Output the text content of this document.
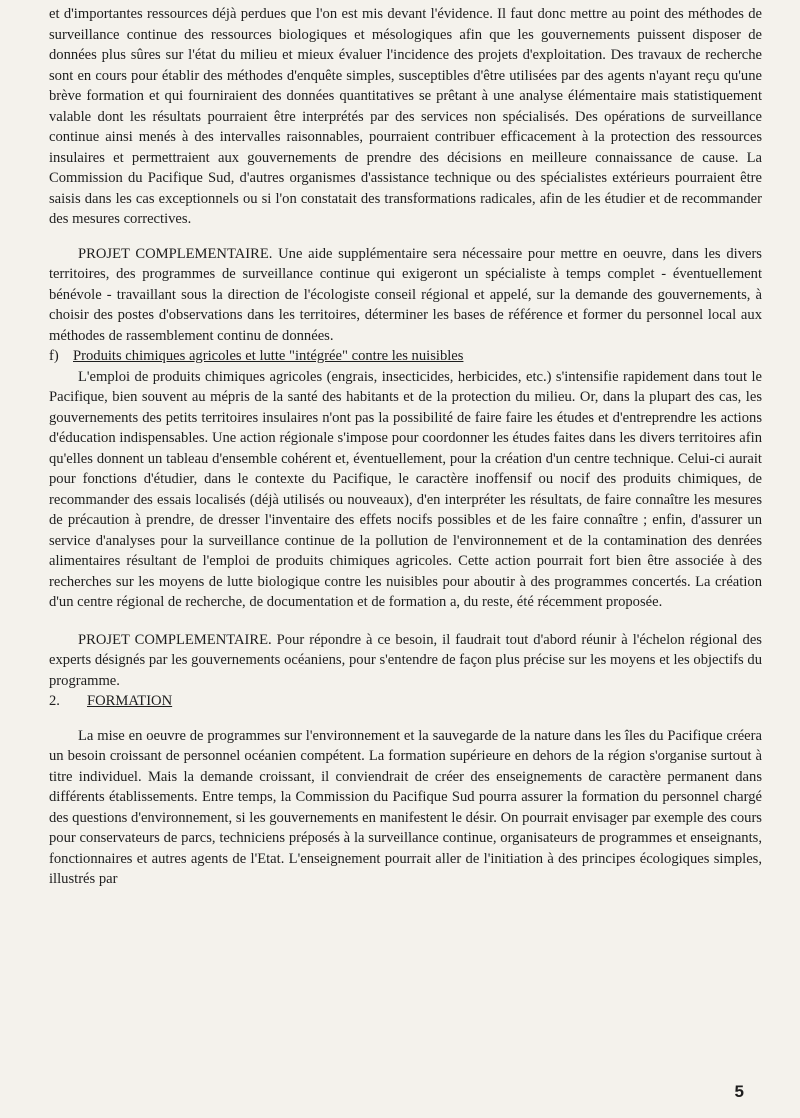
et d'importantes ressources déjà perdues que l'on est mis devant l'évidence. Il faut donc mettre au point des méthodes de surveillance continue des ressources biologiques et mésologiques afin que les gouvernements puissent disposer de données plus sûres sur l'état du milieu et mieux évaluer l'incidence des projets d'exploitation. Des travaux de recherche sont en cours pour établir des méthodes d'enquête simples, susceptibles d'être utilisées par des agents n'ayant reçu qu'une brève formation et qui fourniraient des données quantitatives se prêtant à une analyse élémentaire mais statistiquement valable dont les résultats pourraient être interprétés par des services non spécialisés. Des opérations de surveillance continue ainsi menés à des intervalles raisonnables, pourraient contribuer efficacement à la protection des ressources insulaires et permettraient aux gouvernements de prendre des décisions en meilleure connaissance de cause. La Commission du Pacifique Sud, d'autres organismes d'assistance technique ou des spécialistes extérieurs pourraient être saisis dans les cas exceptionnels ou si l'on constatait des transformations radicales, afin de les étudier et de recommander des mesures correctives.

PROJET COMPLEMENTAIRE. Une aide supplémentaire sera nécessaire pour mettre en oeuvre, dans les divers territoires, des programmes de surveillance continue qui exigeront un spécialiste à temps complet - éventuellement bénévole - travaillant sous la direction de l'écologiste conseil régional et appelé, sur la demande des gouvernements, à choisir des postes d'observations dans les territoires, déterminer les bases de référence et former du personnel local aux méthodes de rassemblement continu de données.

f) Produits chimiques agricoles et lutte "intégrée" contre les nuisibles

L'emploi de produits chimiques agricoles (engrais, insecticides, herbicides, etc.) s'intensifie rapidement dans tout le Pacifique, bien souvent au mépris de la santé des habitants et de la protection du milieu. Or, dans la plupart des cas, les gouvernements des petits territoires insulaires n'ont pas la possibilité de faire faire les études et d'entreprendre les actions d'éducation indispensables. Une action régionale s'impose pour coordonner les études faites dans les divers territoires afin qu'elles donnent un tableau d'ensemble cohérent et, éventuellement, pour la création d'un centre technique. Celui-ci aurait pour fonctions d'étudier, dans le contexte du Pacifique, le caractère inoffensif ou nocif des produits chimiques, de recommander des essais localisés (déjà utilisés ou nouveaux), d'en interpréter les résultats, de faire connaître les mesures de précaution à prendre, de dresser l'inventaire des effets nocifs possibles et de les faire connaître ; enfin, d'assurer un service d'analyses pour la surveillance continue de la pollution de l'environnement et de la contamination des denrées alimentaires résultant de l'emploi de produits chimiques agricoles. Cette action pourrait fort bien être associée à des recherches sur les moyens de lutte biologique contre les nuisibles pour aboutir à des programmes concertés. La création d'un centre régional de recherche, de documentation et de formation a, du reste, été récemment proposée.

PROJET COMPLEMENTAIRE. Pour répondre à ce besoin, il faudrait tout d'abord réunir à l'échelon régional des experts désignés par les gouvernements océaniens, pour s'entendre de façon plus précise sur les moyens et les objectifs du programme.

2. FORMATION

La mise en oeuvre de programmes sur l'environnement et la sauvegarde de la nature dans les îles du Pacifique créera un besoin croissant de personnel océanien compétent. La formation supérieure en dehors de la région s'organise surtout à titre individuel. Mais la demande croissant, il conviendrait de créer des enseignements de caractère permanent dans différents établissements. Entre temps, la Commission du Pacifique Sud pourra assurer la formation du personnel chargé des questions d'environnement, si les gouvernements en manifestent le désir. On pourrait envisager par exemple des cours pour conservateurs de parcs, techniciens préposés à la surveillance continue, organisateurs de programmes et enseignants, fonctionnaires et autres agents de l'Etat. L'enseignement pourrait aller de l'initiation à des principes écologiques simples, illustrés par

5
